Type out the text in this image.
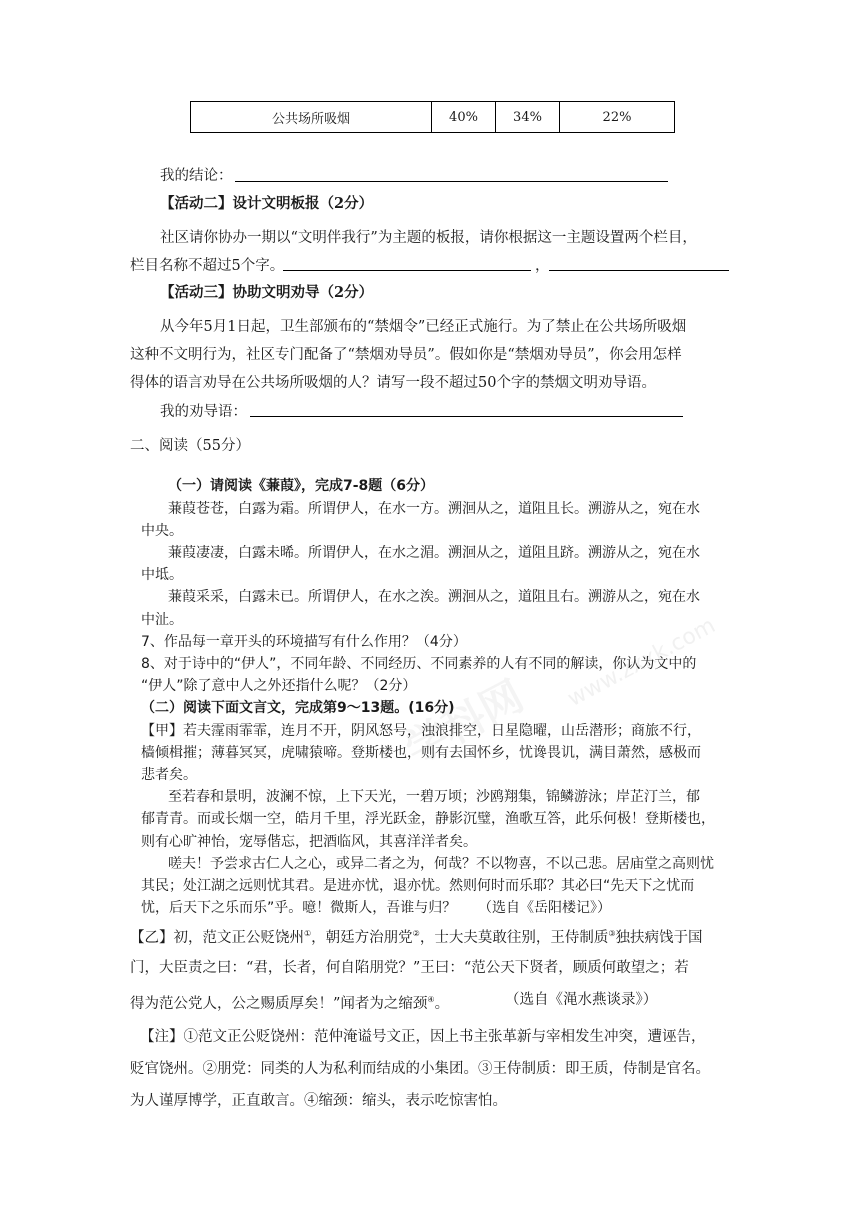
公共场所吸烟	40%	34%	22%
我的结论：
【活动二】设计文明板报（2分）
社区请你协办一期以“文明伴我行”为主题的板报，请你根据这一主题设置两个栏目，
栏目名称不超过5个字。	，
【活动三】协助文明劝导（2分）
从今年5月1日起，卫生部颁布的“禁烟令”已经正式施行。为了禁止在公共场所吸烟
这种不文明行为，社区专门配备了“禁烟劝导员”。假如你是“禁烟劝导员”，你会用怎样
得体的语言劝导在公共场所吸烟的人？请写一段不超过50个字的禁烟文明劝导语。
我的劝导语：
二、阅读（55分）
（一）请阅读《蒹葭》，完成7-8题（6分）
蒹葭苍苍，白露为霜。所谓伊人，在水一方。溯洄从之，道阻且长。溯游从之，宛在水
中央。
蒹葭凄凄，白露未晞。所谓伊人，在水之湄。溯洄从之，道阻且跻。溯游从之，宛在水
中坻。
蒹葭采采，白露未已。所谓伊人，在水之涘。溯洄从之，道阻且右。溯游从之，宛在水
中沚。
7、作品每一章开头的环境描写有什么作用？（4分）
8、对于诗中的“伊人”，不同年龄、不同经历、不同素养的人有不同的解读，你认为文中的
“伊人”除了意中人之外还指什么呢？（2分）
（二）阅读下面文言文，完成第9～13题。(16分)
【甲】若夫霪雨霏霏，连月不开，阴风怒号，浊浪排空，日星隐曜，山岳潜形；商旅不行，
樯倾楫摧；薄暮冥冥，虎啸猿啼。登斯楼也，则有去国怀乡，忧谗畏讥，满目萧然，感极而
悲者矣。
至若春和景明，波澜不惊，上下天光，一碧万顷；沙鸥翔集，锦鳞游泳；岸芷汀兰，郁
郁青青。而或长烟一空，皓月千里，浮光跃金，静影沉璧，渔歌互答，此乐何极！登斯楼也，
则有心旷神怡，宠辱偕忘，把酒临风，其喜洋洋者矣。
嗟夫！予尝求古仁人之心，或异二者之为，何哉？不以物喜，不以己悲。居庙堂之高则忧
其民；处江湖之远则忧其君。是进亦忧，退亦忧。然则何时而乐耶？其必曰“先天下之忧而
忧，后天下之乐而乐”乎。噫！微斯人，吾谁与归？ （选自《岳阳楼记》）
【乙】初，范文正公贬饶州①，朝廷方治朋党②，士大夫莫敢往别，王侍制质③独扶病饯于国
门，大臣责之曰：“君，长者，何自陷朋党？”王曰：“范公天下贤者，顾质何敢望之；若
得为范公党人，公之赐质厚矣！”闻者为之缩颈④。	（选自《渑水燕谈录》）
【注】①范文正公贬饶州：范仲淹谥号文正，因上书主张革新与宰相发生冲突，遭诬告，
贬官饶州。②朋党：同类的人为私利而结成的小集团。③王侍制质：即王质，侍制是官名。
为人谨厚博学，正直敢言。④缩颈：缩头，表示吃惊害怕。
学科网
www.zxxk.com
